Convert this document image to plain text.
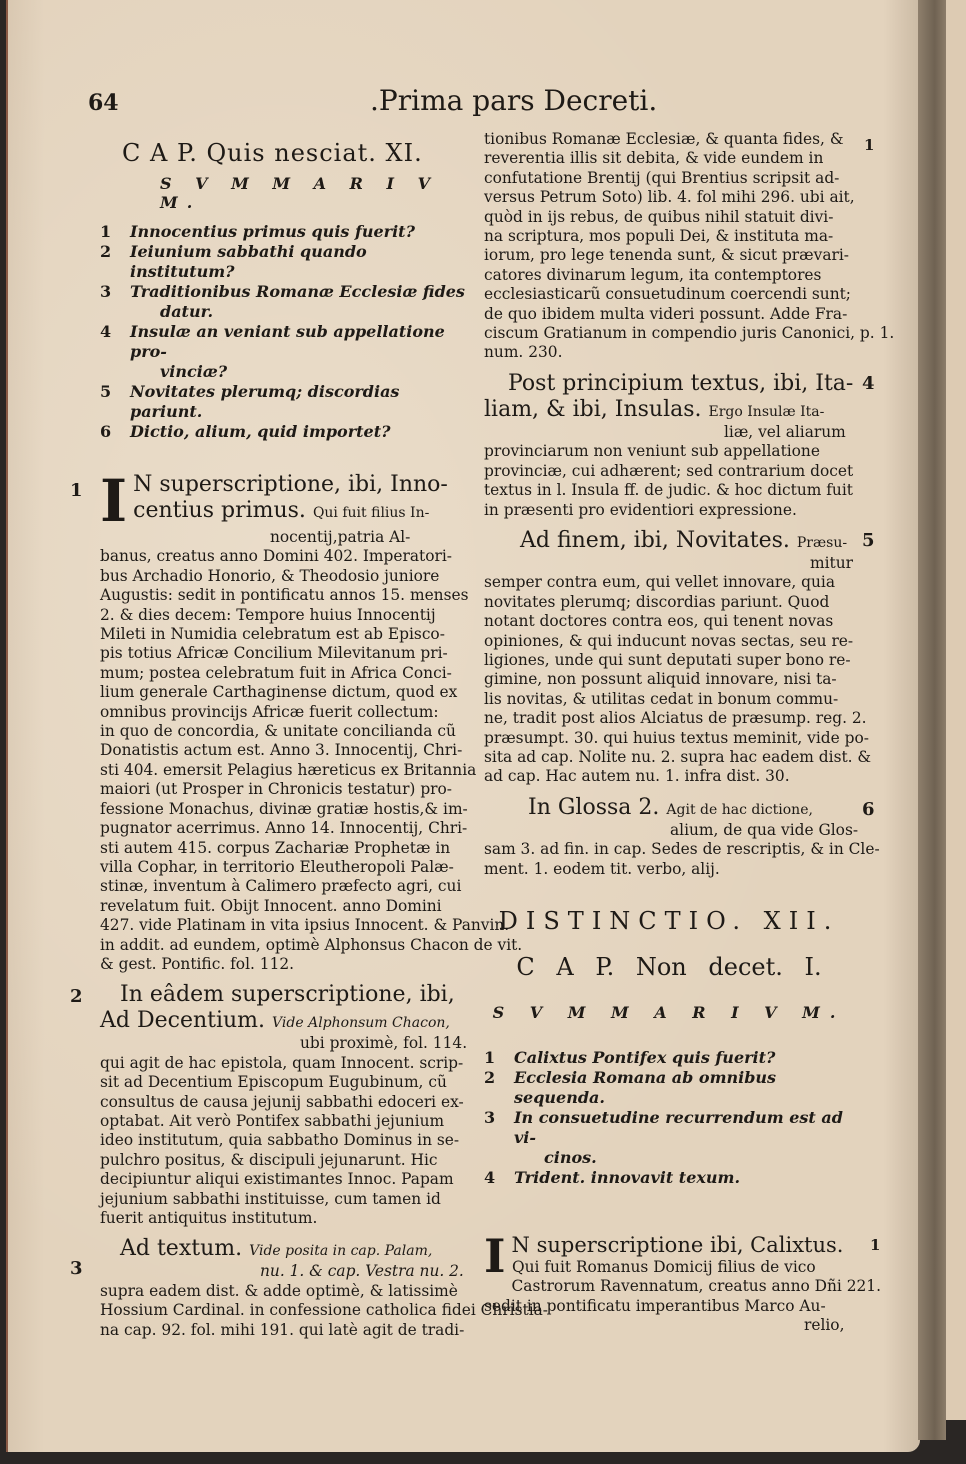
64	.Prima pars Decreti.
C A P. Quis nesciat. XI.
S V M M A R I V M.
1 Innocentius primus quis fuerit?
2 Ieiunium sabbathi quando institutum?
3 Traditionibus Romanæ Ecclesiæ fides
datur.
4 Insulæ an veniant sub appellatione pro-
vinciæ?
5 Novitates plerumq; discordias pariunt.
6 Dictio, alium, quid importet?
1 I N superscriptione, ibi, Inno-
centius primus. Qui fuit filius In-
nocentij,patria Al-
banus, creatus anno Domini 402. Imperatori-
bus Archadio Honorio, & Theodosio juniore
Augustis: sedit in pontificatu annos 15. menses
2. & dies decem: Tempore huius Innocentij
Mileti in Numidia celebratum est ab Episco-
pis totius Africæ Concilium Milevitanum pri-
mum; postea celebratum fuit in Africa Conci-
lium generale Carthaginense dictum, quod ex
omnibus provincijs Africæ fuerit collectum:
in quo de concordia, & unitate concilianda cũ
Donatistis actum est. Anno 3. Innocentij, Chri-
sti 404. emersit Pelagius hæreticus ex Britannia
maiori (ut Prosper in Chronicis testatur) pro-
fessione Monachus, divinæ gratiæ hostis,& im-
pugnator acerrimus. Anno 14. Innocentij, Chri-
sti autem 415. corpus Zachariæ Prophetæ in
villa Cophar, in territorio Eleutheropoli Palæ-
stinæ, inventum à Calimero præfecto agri, cui
revelatum fuit. Obijt Innocent. anno Domini
427. vide Platinam in vita ipsius Innocent. & Panvin.
in addit. ad eundem, optimè Alphonsus Chacon de vit.
& gest. Pontific. fol. 112.
2	In eâdem superscriptione, ibi,
Ad Decentium. Vide Alphonsum Chacon,
ubi proximè, fol. 114.
qui agit de hac epistola, quam Innocent. scrip-
sit ad Decentium Episcopum Eugubinum, cũ
consultus de causa jejunij sabbathi edoceri ex-
optabat. Ait verò Pontifex sabbathi jejunium
ideo institutum, quia sabbatho Dominus in se-
pulchro positus, & discipuli jejunarunt. Hic
decipiuntur aliqui existimantes Innoc. Papam
jejunium sabbathi instituisse, cum tamen id
fuerit antiquitus institutum.
3
Ad textum. Vide posita in cap. Palam,
nu. 1. & cap. Vestra nu. 2.
supra eadem dist. & adde optimè, & latissimè
Hossium Cardinal. in confessione catholica fidei Christia-
na cap. 92. fol. mihi 191. qui latè agit de tradi-
1
tionibus Romanæ Ecclesiæ, & quanta fides, &
reverentia illis sit debita, & vide eundem in
confutatione Brentij (qui Brentius scripsit ad-
versus Petrum Soto) lib. 4. fol mihi 296. ubi ait,
quòd in ijs rebus, de quibus nihil statuit divi-
na scriptura, mos populi Dei, & instituta ma-
iorum, pro lege tenenda sunt, & sicut prævari-
catores divinarum legum, ita contemptores
ecclesiasticarũ consuetudinum coercendi sunt;
de quo ibidem multa videri possunt. Adde Fra-
ciscum Gratianum in compendio juris Canonici, p. 1.
num. 230.
4
Post principium textus, ibi, Ita-
liam, & ibi, Insulas. Ergo Insulæ Ita-
liæ, vel aliarum
provinciarum non veniunt sub appellatione
provinciæ, cui adhærent; sed contrarium docet
textus in l. Insula ff. de judic. & hoc dictum fuit
in præsenti pro evidentiori expressione.
5
Ad finem, ibi, Novitates. Præsu-
mitur
semper contra eum, qui vellet innovare, quia
novitates plerumq; discordias pariunt. Quod
notant doctores contra eos, qui tenent novas
opiniones, & qui inducunt novas sectas, seu re-
ligiones, unde qui sunt deputati super bono re-
gimine, non possunt aliquid innovare, nisi ta-
lis novitas, & utilitas cedat in bonum commu-
ne, tradit post alios Alciatus de præsump. reg. 2.
præsumpt. 30. qui huius textus meminit, vide po-
sita ad cap. Nolite nu. 2. supra hac eadem dist. &
ad cap. Hac autem nu. 1. infra dist. 30.
6
In Glossa 2. Agit de hac dictione,
alium, de qua vide Glos-
sam 3. ad fin. in cap. Sedes de rescriptis, & in Cle-
ment. 1. eodem tit. verbo, alij.
DISTINCTIO. XII.
C A P. Non decet. I.
S V M M A R I V M.
1 Calixtus Pontifex quis fuerit?
2 Ecclesia Romana ab omnibus sequenda.
3 In consuetudine recurrendum est ad vi-
cinos.
4 Trident. innovavit texum.
1
I N superscriptione ibi, Calixtus.
Qui fuit Romanus Domicij filius de vico
Castrorum Ravennatum, creatus anno Dñi 221.
sedit in pontificatu imperantibus Marco Au-
relio,
